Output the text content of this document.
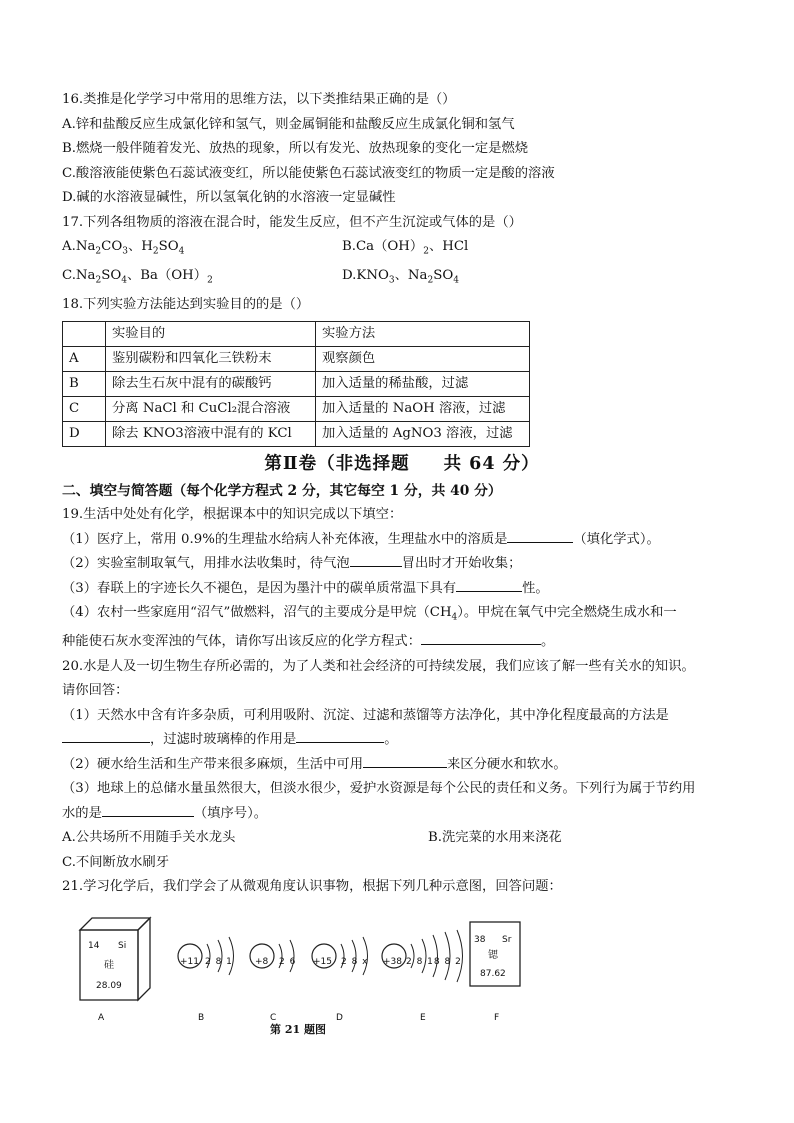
16.类推是化学学习中常用的思维方法，以下类推结果正确的是（）
A.锌和盐酸反应生成氯化锌和氢气，则金属铜能和盐酸反应生成氯化铜和氢气
B.燃烧一般伴随着发光、放热的现象，所以有发光、放热现象的变化一定是燃烧
C.酸溶液能使紫色石蕊试液变红，所以能使紫色石蕊试液变红的物质一定是酸的溶液
D.碱的水溶液显碱性，所以氢氧化钠的水溶液一定显碱性
17.下列各组物质的溶液在混合时，能发生反应，但不产生沉淀或气体的是（）
$A.Na_2CO_3$、$H_2SO_4$	$B.Ca(OH)_2$、HCl
$C.Na_2SO_4$、$Ba(OH)_2$	$D.KNO_3$、$Na_2SO_4$
18.下列实验方法能达到实验目的的是（）
	实验目的	实验方法
A	鉴别碳粉和四氧化三铁粉末	观察颜色
B	除去生石灰中混有的碳酸钙	加入适量的稀盐酸，过滤
C	分离 NaCl 和 CuCl₂混合溶液	加入适量的 NaOH 溶液，过滤
D	除去 KNO3溶液中混有的 KCl	加入适量的 AgNO3 溶液，过滤
第Ⅱ卷（非选择题 共 64 分）
二、填空与简答题（每个化学方程式 2 分，其它每空 1 分，共 40 分）
19.生活中处处有化学，根据课本中的知识完成以下填空：
（1）医疗上，常用 0.9%的生理盐水给病人补充体液，生理盐水中的溶质是	（填化学式）。
（2）实验室制取氧气，用排水法收集时，待气泡	冒出时才开始收集；
（3）春联上的字迹长久不褪色，是因为墨汁中的碳单质常温下具有	性。
（4）农村一些家庭用“沼气”做燃料，沼气的主要成分是甲烷$(CH_4)$。甲烷在氧气中完全燃烧生成水和一
种能使石灰水变浑浊的气体，请你写出该反应的化学方程式：	。
20.水是人及一切生物生存所必需的，为了人类和社会经济的可持续发展，我们应该了解一些有关水的知识。
请你回答：
（1）天然水中含有许多杂质，可利用吸附、沉淀、过滤和蒸馏等方法净化，其中净化程度最高的方法是
，过滤时玻璃棒的作用是	。
（2）硬水给生活和生产带来很多麻烦，生活中可用	来区分硬水和软水。
（3）地球上的总储水量虽然很大，但淡水很少，爱护水资源是每个公民的责任和义务。下列行为属于节约用
水的是	（填序号）。
A.公共场所不用随手关水龙头	B.洗完菜的水用来浇花
C.不间断放水刷牙
21.学习化学后，我们学会了从微观角度认识事物，根据下列几种示意图，回答问题：
14 Si
硅
28.09
A
+11 2 8 1
B
+8 2 6
C
+15 2 8 x
D
+38 2 8 18 8 2
E
38 Sr
锶
87.62
F
第 21 题图
